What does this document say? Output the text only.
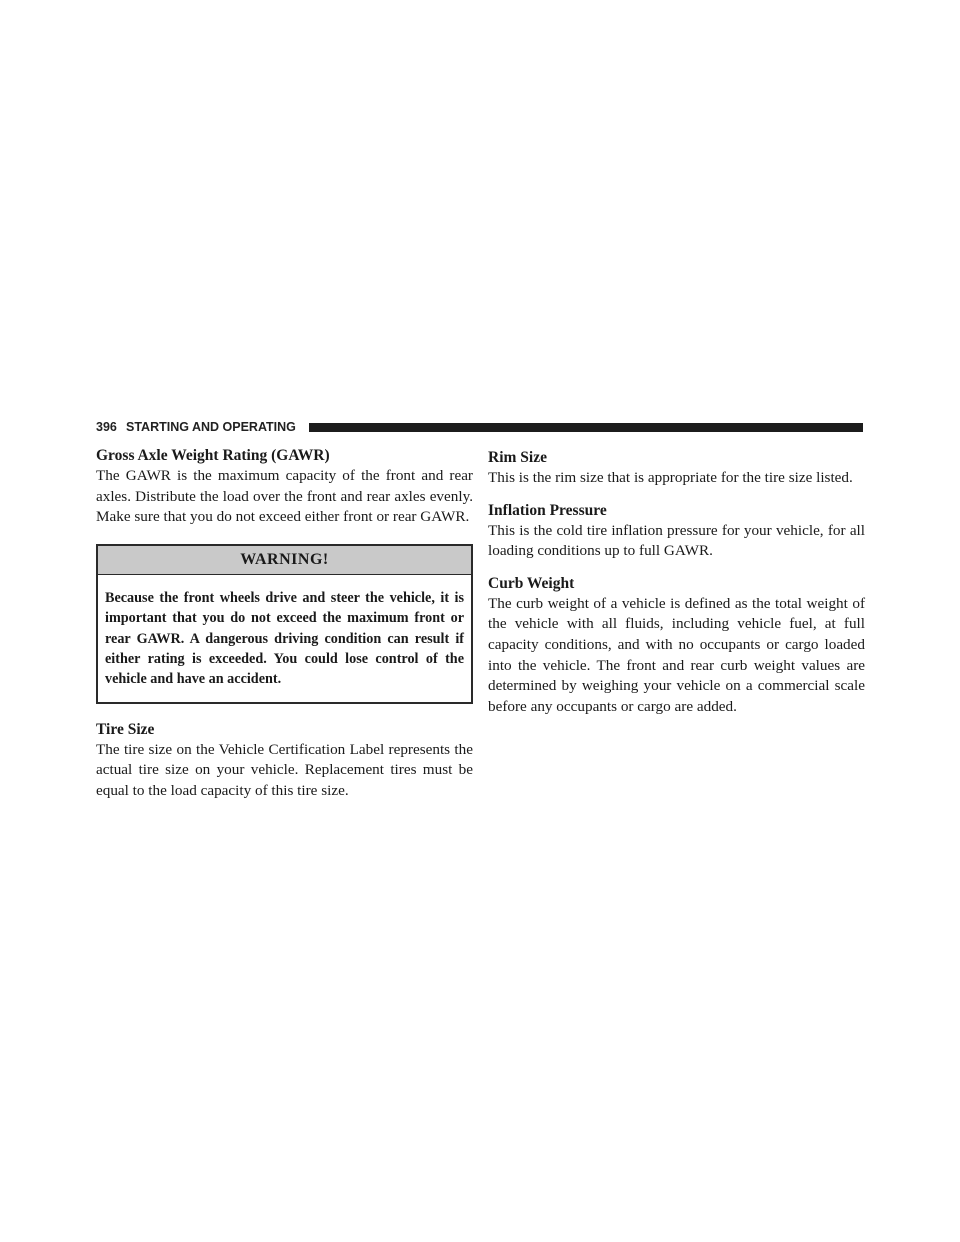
396 STARTING AND OPERATING
Gross Axle Weight Rating (GAWR)

The GAWR is the maximum capacity of the front and rear axles. Distribute the load over the front and rear axles evenly. Make sure that you do not exceed either front or rear GAWR.

WARNING!
Because the front wheels drive and steer the vehicle, it is important that you do not exceed the maximum front or rear GAWR. A dangerous driving condition can result if either rating is exceeded. You could lose control of the vehicle and have an accident.
Tire Size

The tire size on the Vehicle Certification Label represents the actual tire size on your vehicle. Replacement tires must be equal to the load capacity of this tire size.

Rim Size

This is the rim size that is appropriate for the tire size listed.

Inflation Pressure

This is the cold tire inflation pressure for your vehicle, for all loading conditions up to full GAWR.

Curb Weight

The curb weight of a vehicle is defined as the total weight of the vehicle with all fluids, including vehicle fuel, at full capacity conditions, and with no occupants or cargo loaded into the vehicle. The front and rear curb weight values are determined by weighing your vehicle on a commercial scale before any occupants or cargo are added.
